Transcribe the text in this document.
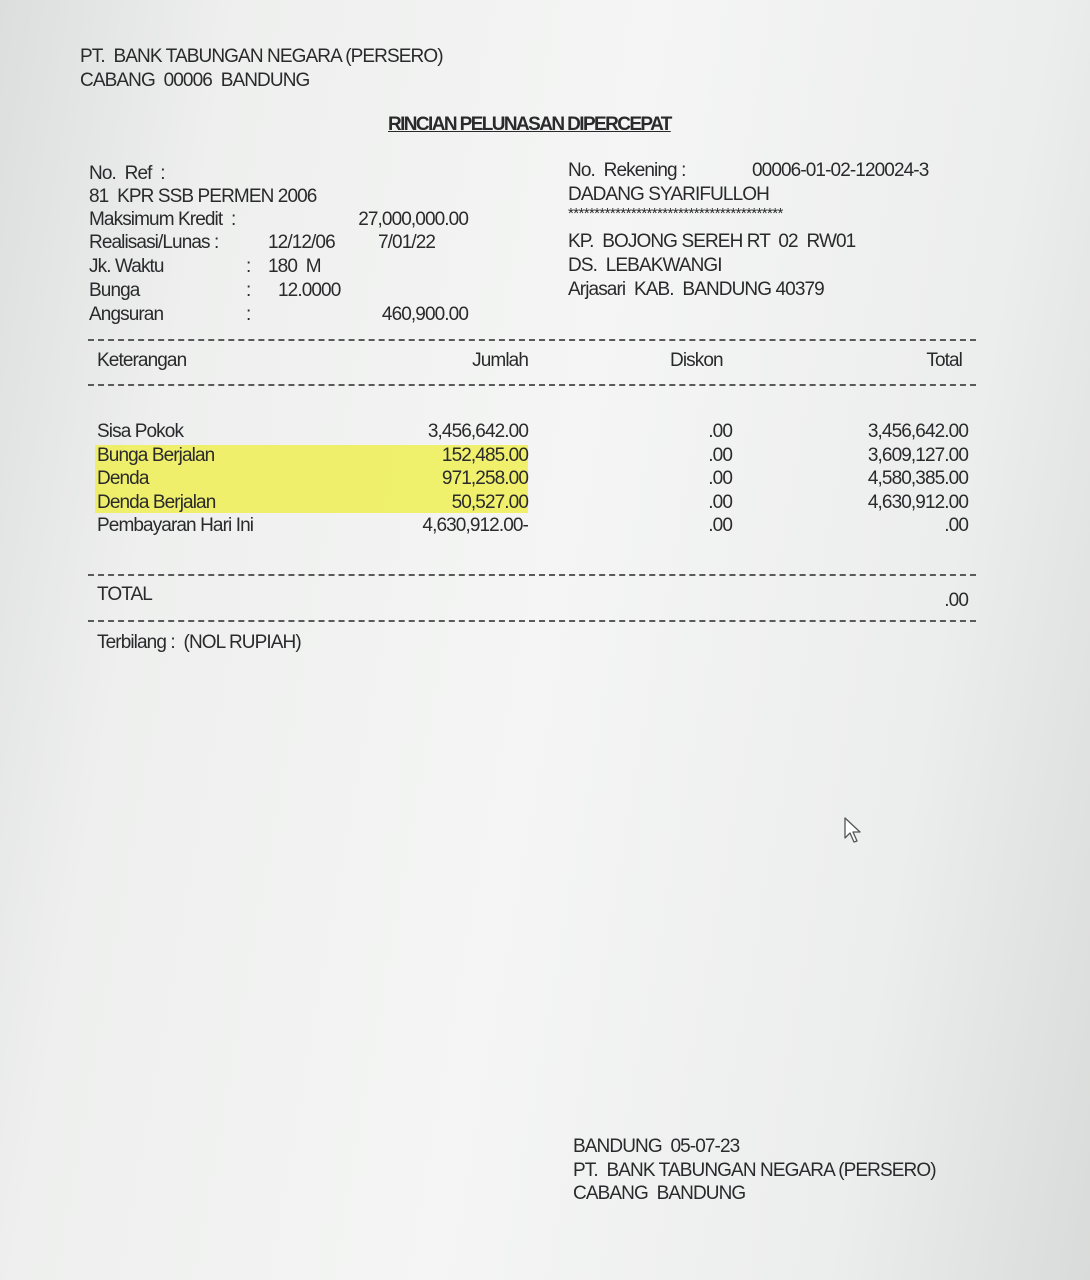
PT.  BANK TABUNGAN NEGARA (PERSERO)
CABANG  00006  BANDUNG
RINCIAN PELUNASAN DIPERCEPAT
No.  Ref  :
81  KPR SSB PERMEN 2006
Maksimum Kredit  :	27,000,000.00
Realisasi/Lunas :	12/12/06 7/01/22
Jk. Waktu	: 180  M
Bunga	: 12.0000
Angsuran	:	460,900.00
No.  Rekening :	00006-01-02-120024-3
DADANG SYARIFULLOH
*****************************************
KP.  BOJONG SEREH RT  02  RW01
DS.  LEBAKWANGI
Arjasari  KAB.  BANDUNG 40379
Keterangan	Jumlah	Diskon	Total
Sisa Pokok	3,456,642.00	.00	3,456,642.00
Bunga Berjalan	152,485.00	.00	3,609,127.00
Denda	971,258.00	.00	4,580,385.00
Denda Berjalan	50,527.00	.00	4,630,912.00
Pembayaran Hari Ini	4,630,912.00-	.00	.00
TOTAL	.00
Terbilang :  (NOL RUPIAH)
BANDUNG  05-07-23
PT.  BANK TABUNGAN NEGARA (PERSERO)
CABANG  BANDUNG
